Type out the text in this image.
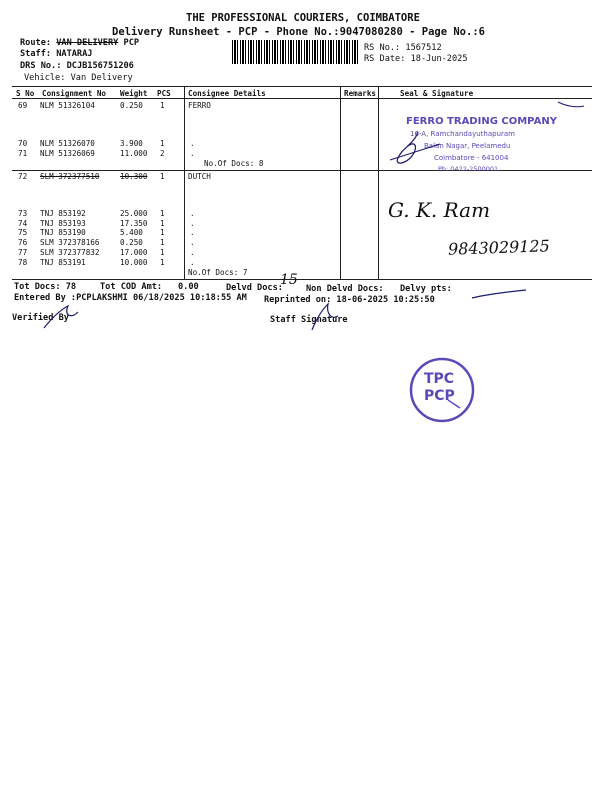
THE PROFESSIONAL COURIERS, COIMBATORE
Delivery Runsheet - PCP - Phone No.:9047080280 - Page No.:6
Route: VAN DELIVERY PCP
Staff: NATARAJ
DRS No.: DCJB156751206
Vehicle: Van Delivery
RS No.: 1567512
RS Date: 18-Jun-2025
S No Consignment No Weight PCS Consignee Details	Remarks	Seal & Signature
69 NLM 51326104	0.250 1	FERRO
70 NLM 51326070	3.900 1	.
71 NLM 51326069	11.000 2	.
No.Of Docs: 8
72 SLM 372377510	10.300 1	DUTCH
73 TNJ 853192	25.000 1	.
74 TNJ 853193	17.350 1	.
75 TNJ 853190	5.400 1	.
76 SLM 372378166	0.250 1	.
77 SLM 372377832	17.000 1	.
78 TNJ 853191	10.000 1	.
No.Of Docs: 7
FERRO TRADING COMPANY
16-A, Ramchandayuthapuram
Balan Nagar, Peelamedu
Coimbatore - 641004
Ph: 0422-2500001
G. K. Ram
9843029125
Tot Docs: 78	Tot COD Amt: 0.00	Delvd Docs:
15
Non Delvd Docs: Delvy pts:
Entered By :PCPLAKSHMI 06/18/2025 10:18:55 AM Reprinted on: 18-06-2025 10:25:50
Verified By	Staff Signature
TPC
PCP
